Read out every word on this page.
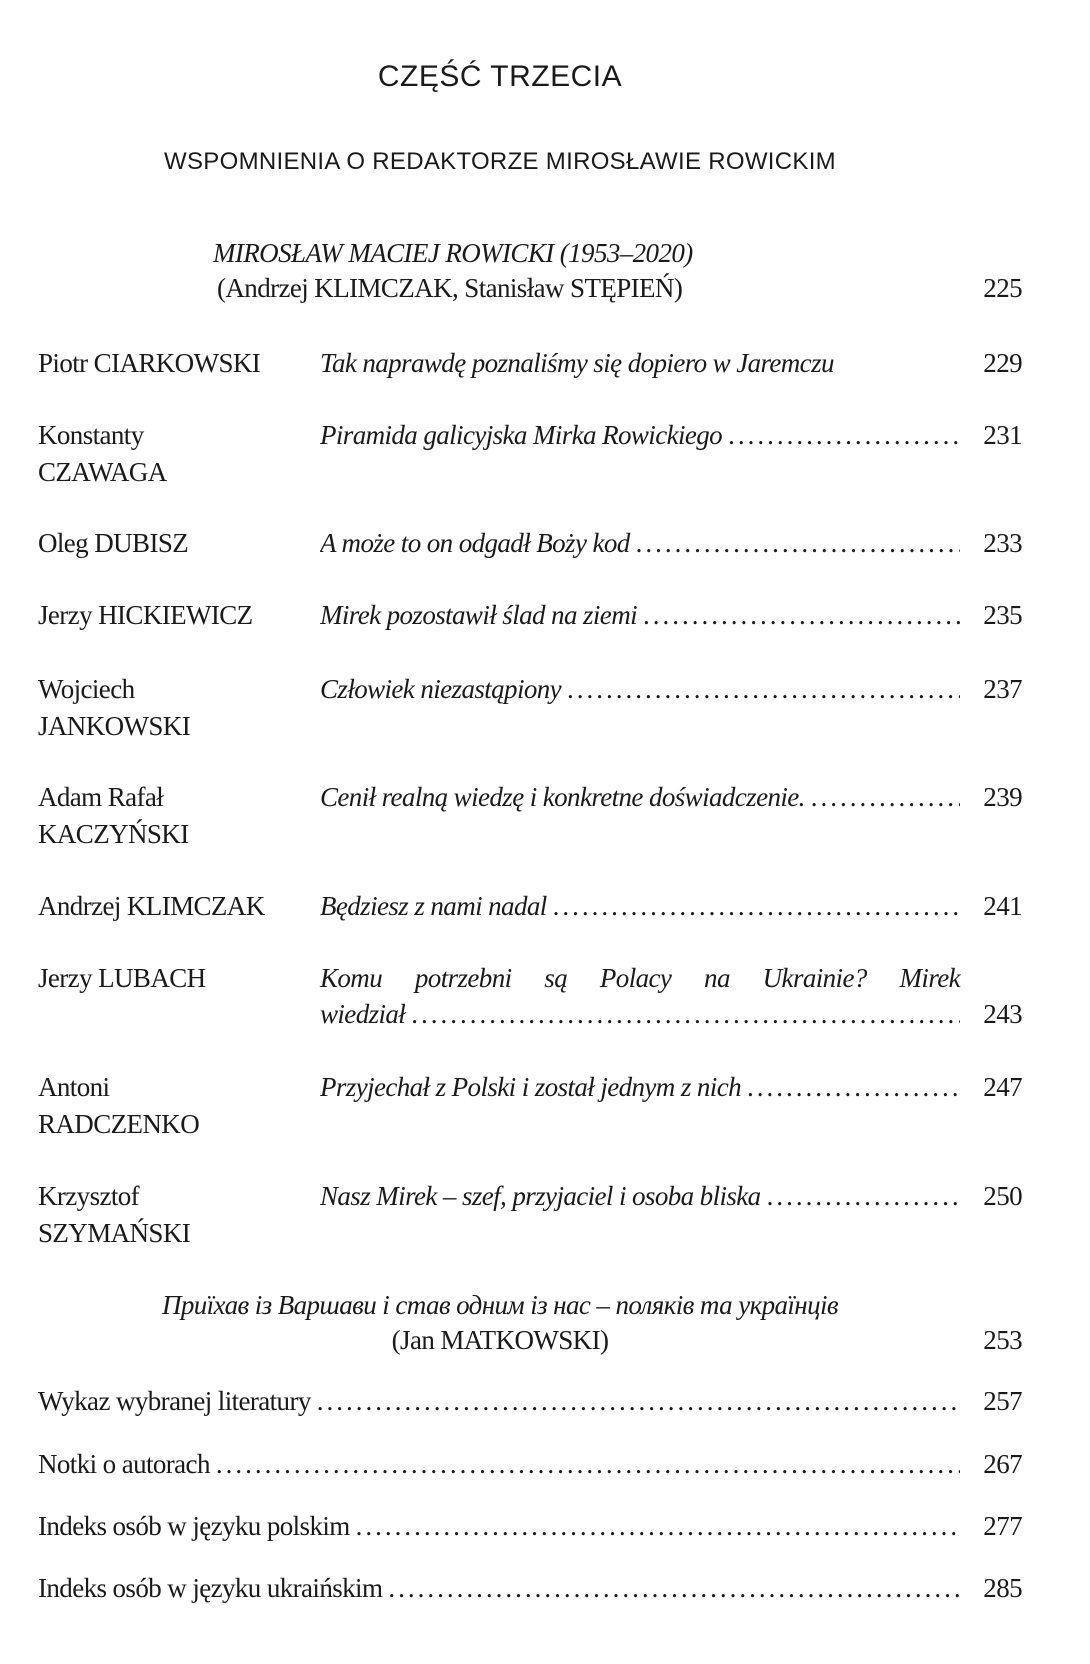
CZĘŚĆ TRZECIA
WSPOMNIENIA O REDAKTORZE MIROSŁAWIE ROWICKIM
MIROSŁAW MACIEJ ROWICKI (1953–2020)
(Andrzej KLIMCZAK, Stanisław STĘPIEŃ)	225
Piotr CIARKOWSKI Tak naprawdę poznaliśmy się dopiero w Jaremczu	229
Konstanty
CZAWAGA
Piramida galicyjska Mirka Rowickiego .....	231
Oleg DUBISZ	A może to on odgadł Boży kod .....	233
Jerzy HICKIEWICZ Mirek pozostawił ślad na ziemi .....	235
Wojciech
JANKOWSKI
Człowiek niezastąpiony .....	237
Adam Rafał
KACZYŃSKI
Cenił realną wiedzę i konkretne doświadczenie. .....	239
Andrzej KLIMCZAK Będziesz z nami nadal .....	241
Jerzy LUBACH	Komu potrzebni są Polacy na Ukrainie? Mirek
wiedział .....	243
Antoni
RADCZENKO
Przyjechał z Polski i został jednym z nich .....	247
Krzysztof
SZYMAŃSKI
Nasz Mirek – szef, przyjaciel i osoba bliska .....	250
Приїхав із Варшави і став одним із нас – поляків та українців
(Jan MATKOWSKI)	253
Wykaz wybranej literatury .....	257
Notki o autorach .....	267
Indeks osób w języku polskim .....	277
Indeks osób w języku ukraińskim .....	285
